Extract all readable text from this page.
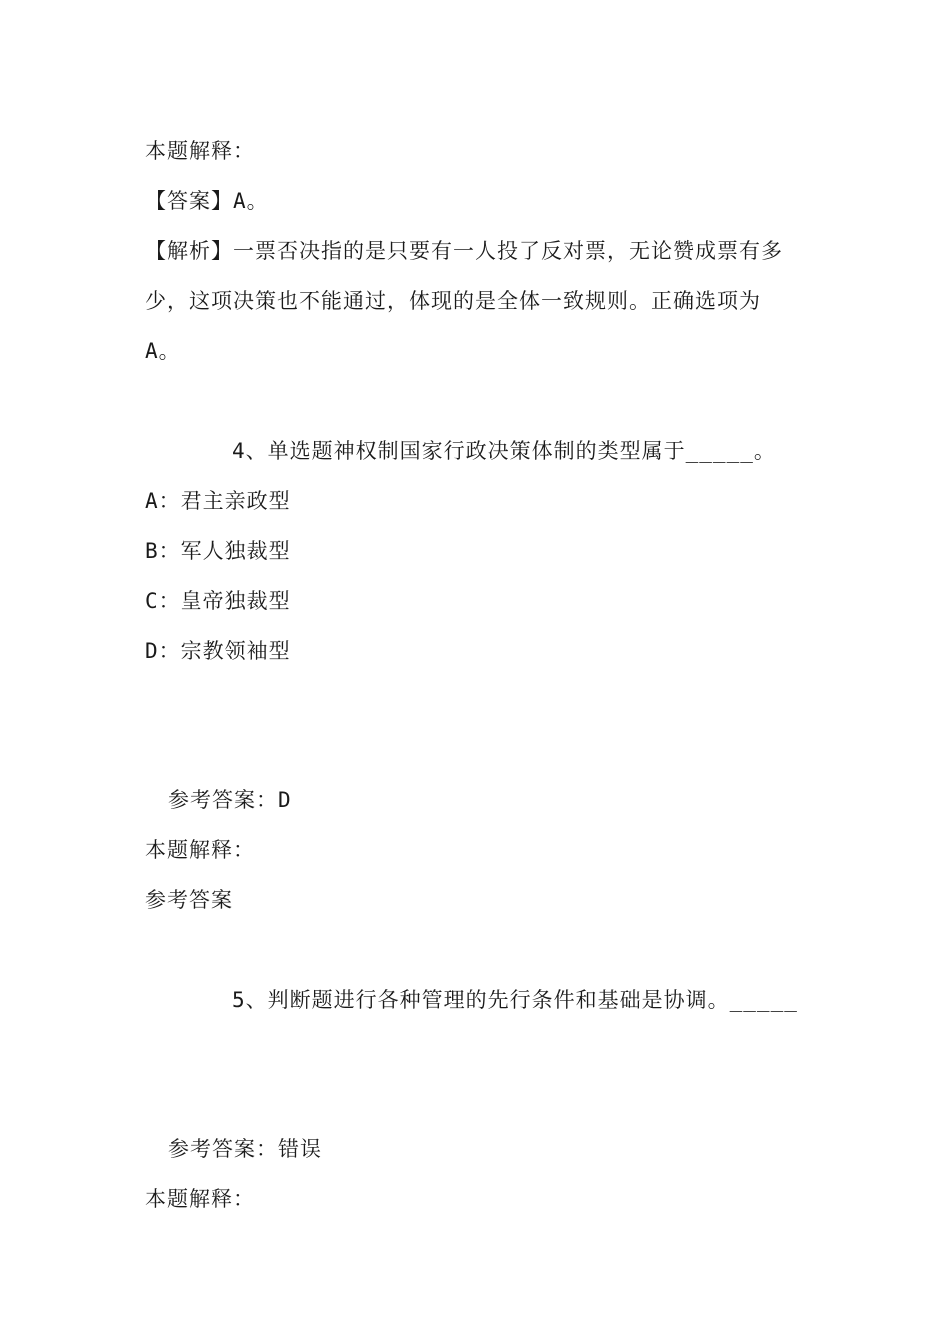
本题解释：
【答案】A。
【解析】一票否决指的是只要有一人投了反对票，无论赞成票有多
少，这项决策也不能通过，体现的是全体一致规则。正确选项为
A。
4、单选题神权制国家行政决策体制的类型属于_____。
A：君主亲政型
B：军人独裁型
C：皇帝独裁型
D：宗教领袖型
参考答案：D
本题解释：
参考答案
5、判断题进行各种管理的先行条件和基础是协调。_____
参考答案：错误
本题解释：
